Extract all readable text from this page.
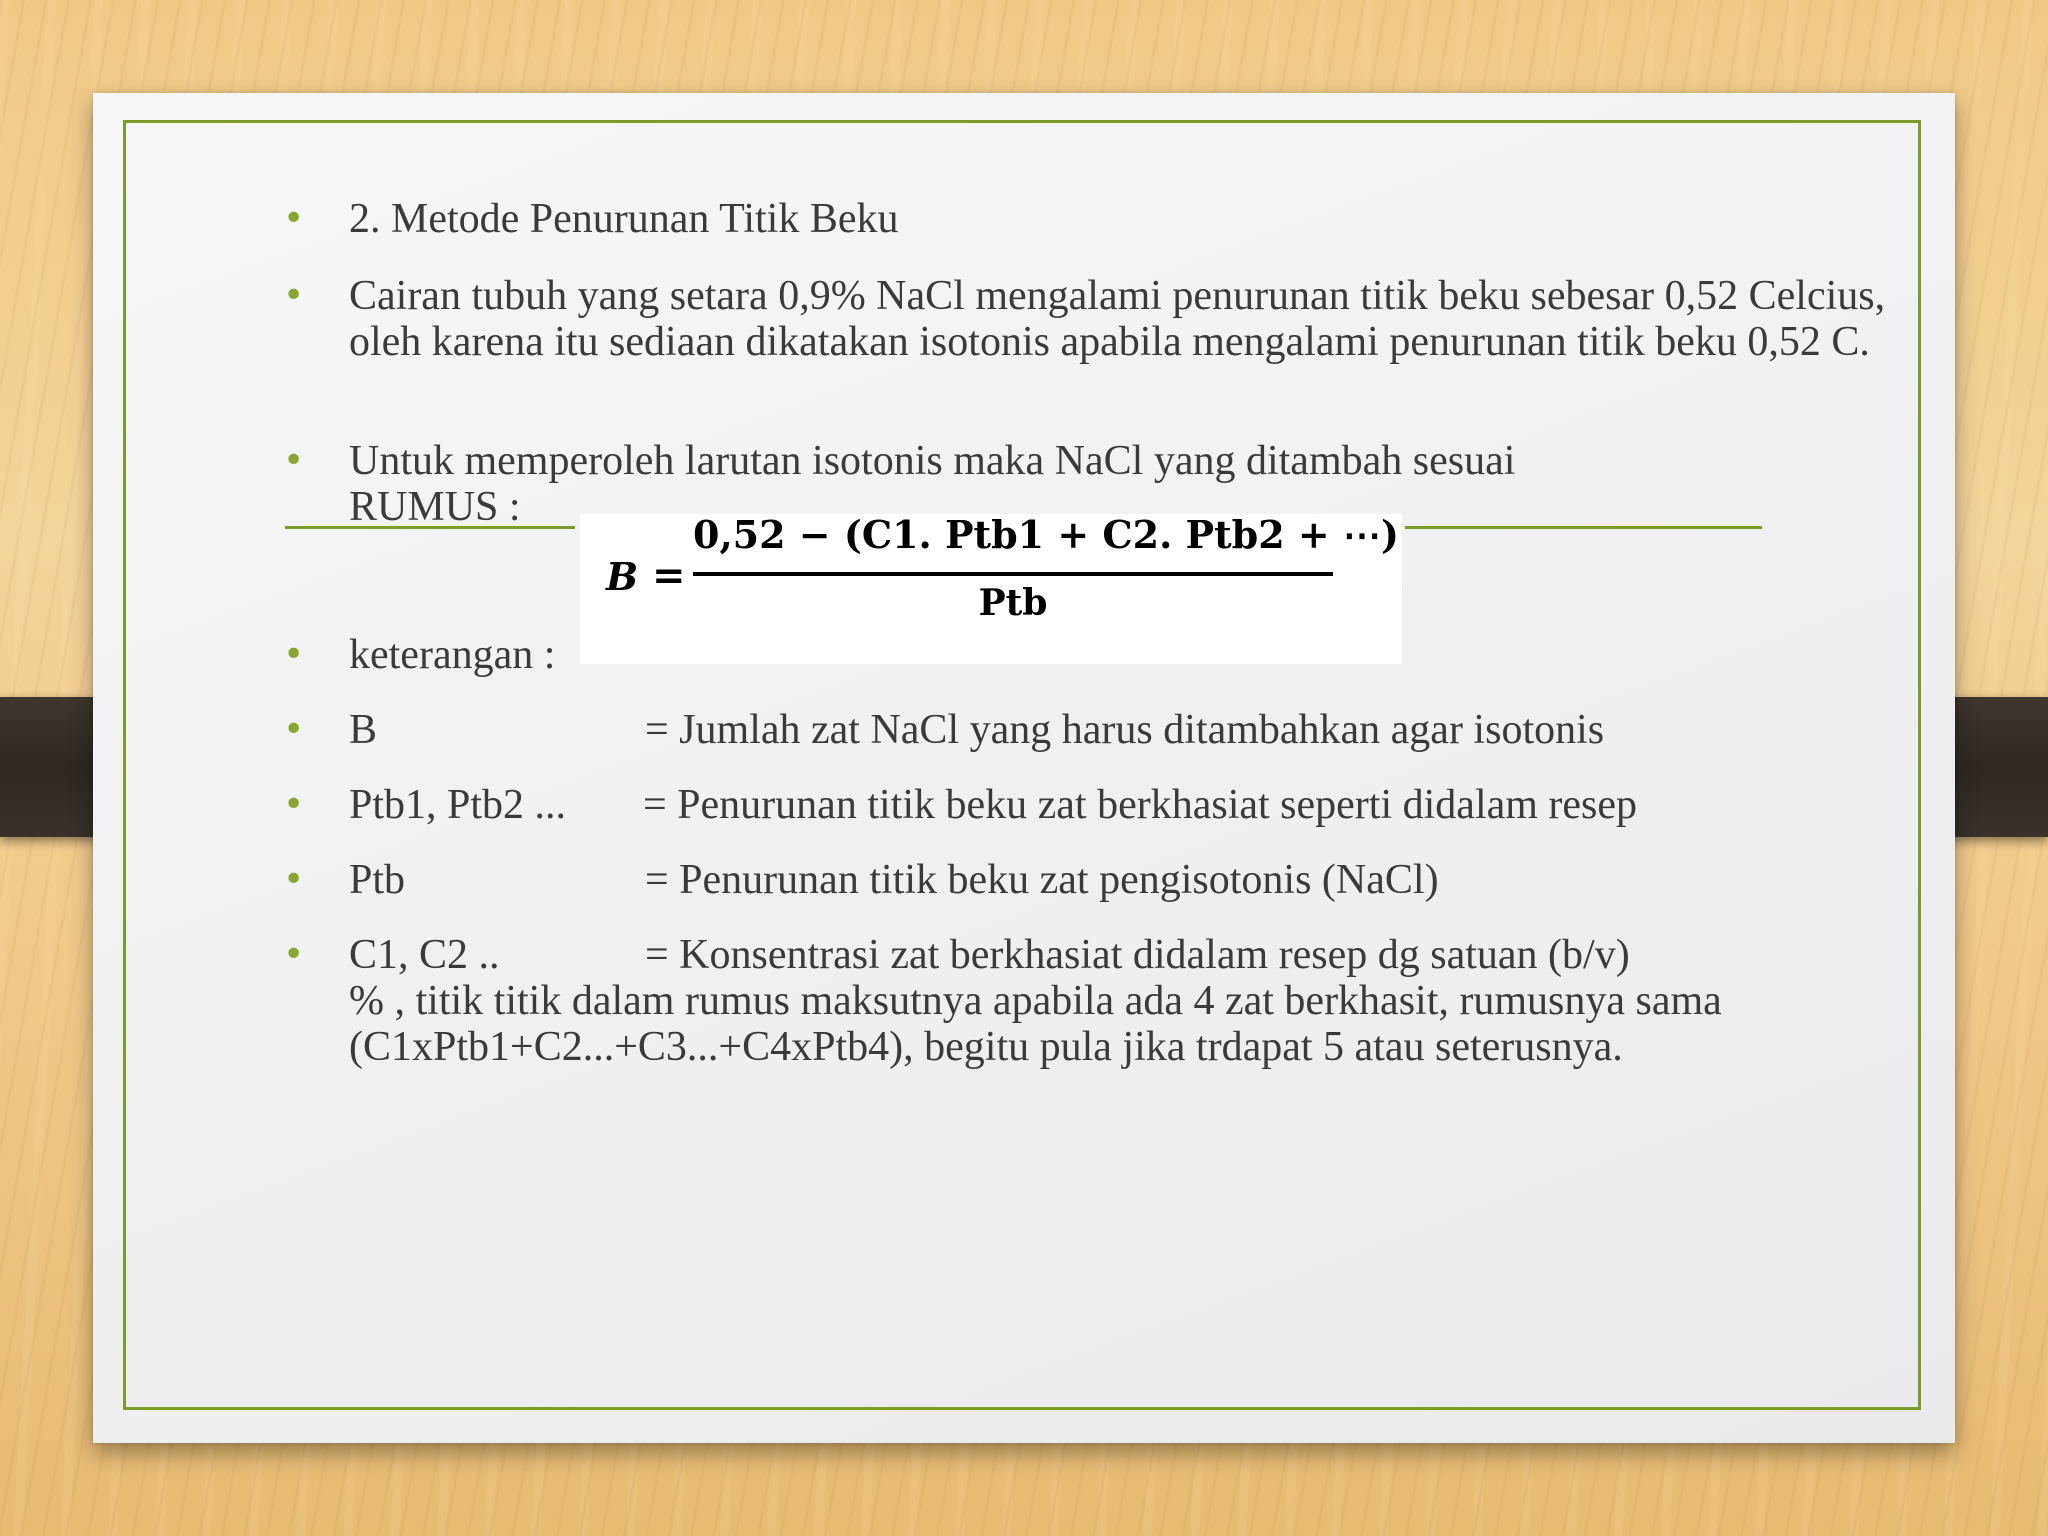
•	2. Metode Penurunan Titik Beku
•	Cairan tubuh yang setara 0,9% NaCl mengalami penurunan titik beku sebesar 0,52 Celcius, oleh karena itu sediaan dikatakan isotonis apabila mengalami penurunan titik beku 0,52 C.
•	Untuk memperoleh larutan isotonis maka NaCl yang ditambah sesuai RUMUS :
B =
0,52 − (C1. Ptb1 + C2. Ptb2 + ⋯)
Ptb
•	keterangan :
•	B	= Jumlah zat NaCl yang harus ditambahkan agar isotonis
•	Ptb1, Ptb2 ... = Penurunan titik beku zat berkhasiat seperti didalam resep
•	Ptb	= Penurunan titik beku zat pengisotonis (NaCl)
•	C1, C2 ..	= Konsentrasi zat berkhasiat didalam resep dg satuan (b/v)
% , titik titik dalam rumus maksutnya apabila ada 4 zat berkhasit, rumusnya sama (C1xPtb1+C2...+C3...+C4xPtb4), begitu pula jika trdapat 5 atau seterusnya.
